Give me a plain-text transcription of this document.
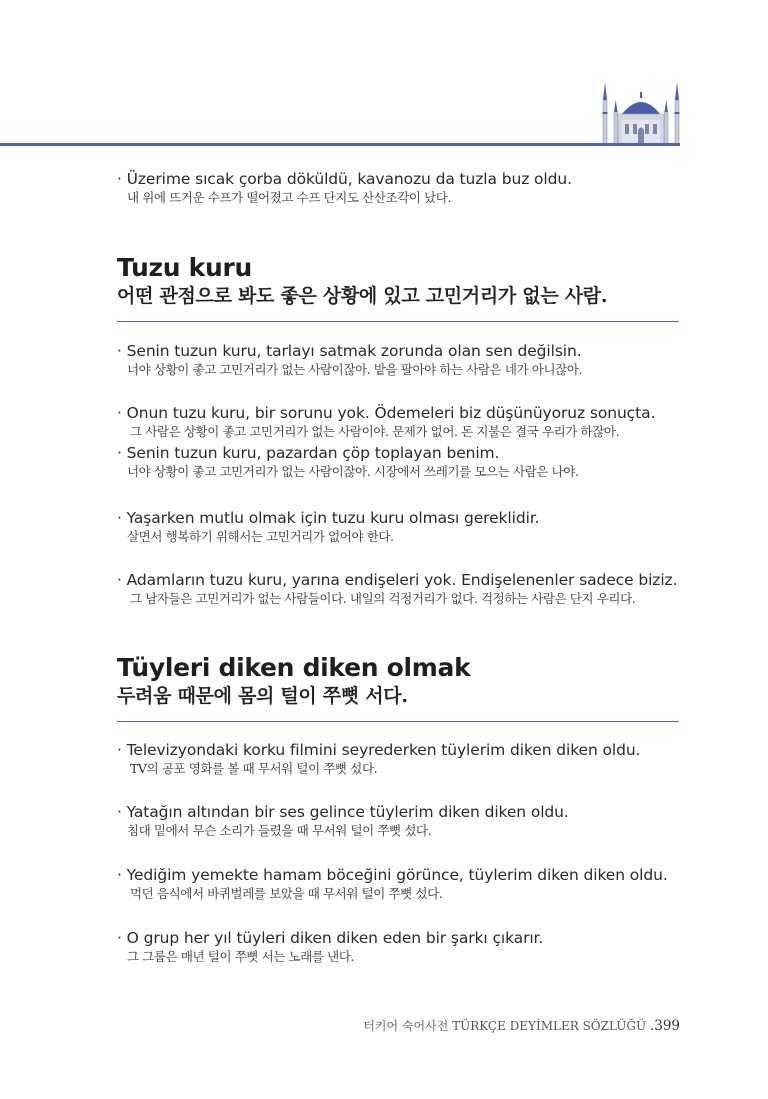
· Üzerime sıcak çorba döküldü, kavanozu da tuzla buz oldu.
내 위에 뜨거운 수프가 떨어졌고 수프 단지도 산산조각이 났다.
Tuzu kuru
어떤 관점으로 봐도 좋은 상황에 있고 고민거리가 없는 사람.
· Senin tuzun kuru, tarlayı satmak zorunda olan sen değilsin.
너야 상황이 좋고 고민거리가 없는 사람이잖아. 밭을 팔아야 하는 사람은 네가 아니잖아.
· Onun tuzu kuru, bir sorunu yok. Ödemeleri biz düşünüyoruz sonuçta.
그 사람은 상황이 좋고 고민거리가 없는 사람이야. 문제가 없어. 돈 지불은 결국 우리가 하잖아.
· Senin tuzun kuru, pazardan çöp toplayan benim.
너야 상황이 좋고 고민거리가 없는 사람이잖아. 시장에서 쓰레기를 모으는 사람은 나야.
· Yaşarken mutlu olmak için tuzu kuru olması gereklidir.
살면서 행복하기 위해서는 고민거리가 없어야 한다.
· Adamların tuzu kuru, yarına endişeleri yok. Endişelenenler sadece biziz.
그 남자들은 고민거리가 없는 사람들이다. 내일의 걱정거리가 없다. 걱정하는 사람은 단지 우리다.
Tüyleri diken diken olmak
두려움 때문에 몸의 털이 쭈뼛 서다.
· Televizyondaki korku filmini seyrederken tüylerim diken diken oldu.
TV의 공포 영화를 볼 때 무서워 털이 쭈뼛 섰다.
· Yatağın altından bir ses gelince tüylerim diken diken oldu.
침대 밑에서 무슨 소리가 들렸을 때 무서워 털이 쭈뼛 섰다.
· Yediğim yemekte hamam böceğini görünce, tüylerim diken diken oldu.
먹던 음식에서 바퀴벌레를 보았을 때 무서워 털이 쭈뼛 섰다.
· O grup her yıl tüyleri diken diken eden bir şarkı çıkarır.
그 그룹은 매년 털이 쭈뼛 서는 노래를 낸다.
터키어 숙어사전 TÜRKÇE DEYİMLER SÖZLÜĞÜ .399
